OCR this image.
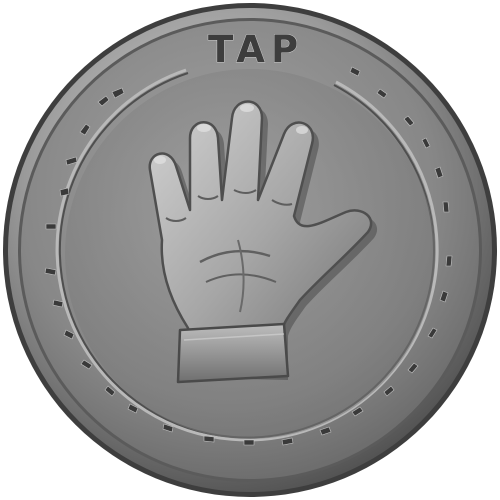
TAP
